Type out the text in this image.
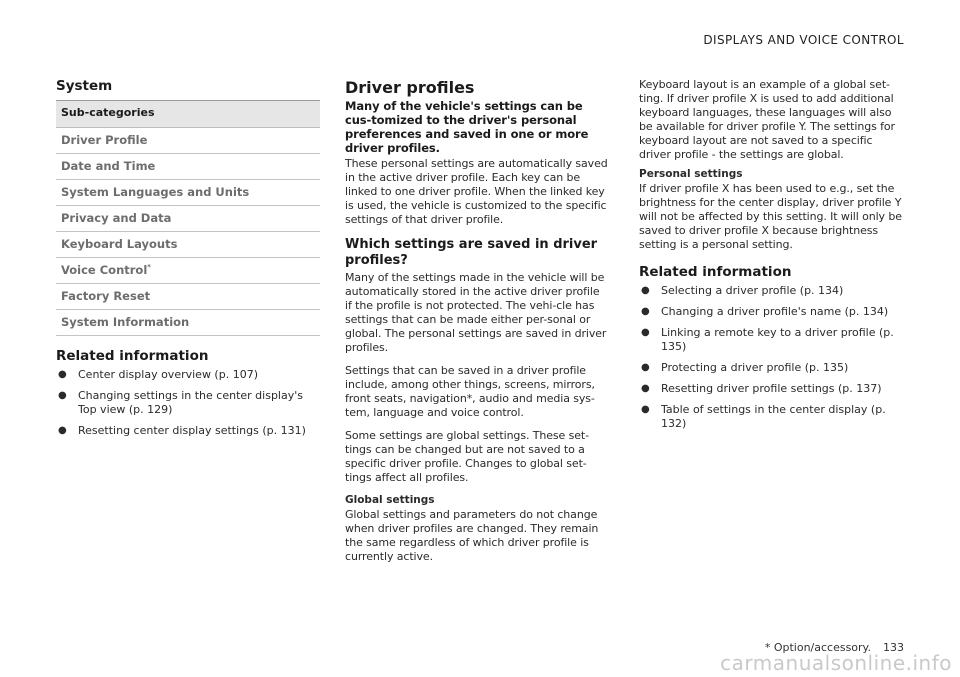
DISPLAYS AND VOICE CONTROL
System
Sub-categories
Driver Profile
Date and Time
System Languages and Units
Privacy and Data
Keyboard Layouts
Voice Control*
Factory Reset
System Information
Related information
● Center display overview (p. 107)
● Changing settings in the center display's Top view (p. 129)
● Resetting center display settings (p. 131)
Driver profiles
Many of the vehicle's settings can be cus-tomized to the driver's personal preferences and saved in one or more driver profiles.

These personal settings are automatically saved in the active driver profile. Each key can be linked to one driver profile. When the linked key is used, the vehicle is customized to the specific settings of that driver profile.

Which settings are saved in driver profiles?

Many of the settings made in the vehicle will be automatically stored in the active driver profile if the profile is not protected. The vehi-cle has settings that can be made either per-sonal or global. The personal settings are saved in driver profiles.

Settings that can be saved in a driver profile include, among other things, screens, mirrors, front seats, navigation*, audio and media sys-tem, language and voice control.

Some settings are global settings. These set-tings can be changed but are not saved to a specific driver profile. Changes to global set-tings affect all profiles.

Global settings

Global settings and parameters do not change when driver profiles are changed. They remain the same regardless of which driver profile is currently active.

Keyboard layout is an example of a global set-ting. If driver profile X is used to add additional keyboard languages, these languages will also be available for driver profile Y. The settings for keyboard layout are not saved to a specific driver profile - the settings are global.

Personal settings

If driver profile X has been used to e.g., set the brightness for the center display, driver profile Y will not be affected by this setting. It will only be saved to driver profile X because brightness setting is a personal setting.

Related information
● Selecting a driver profile (p. 134)
● Changing a driver profile's name (p. 134)
● Linking a remote key to a driver profile (p. 135)
● Protecting a driver profile (p. 135)
● Resetting driver profile settings (p. 137)
● Table of settings in the center display (p. 132)
* Option/accessory. 133
carmanualsonline.info
